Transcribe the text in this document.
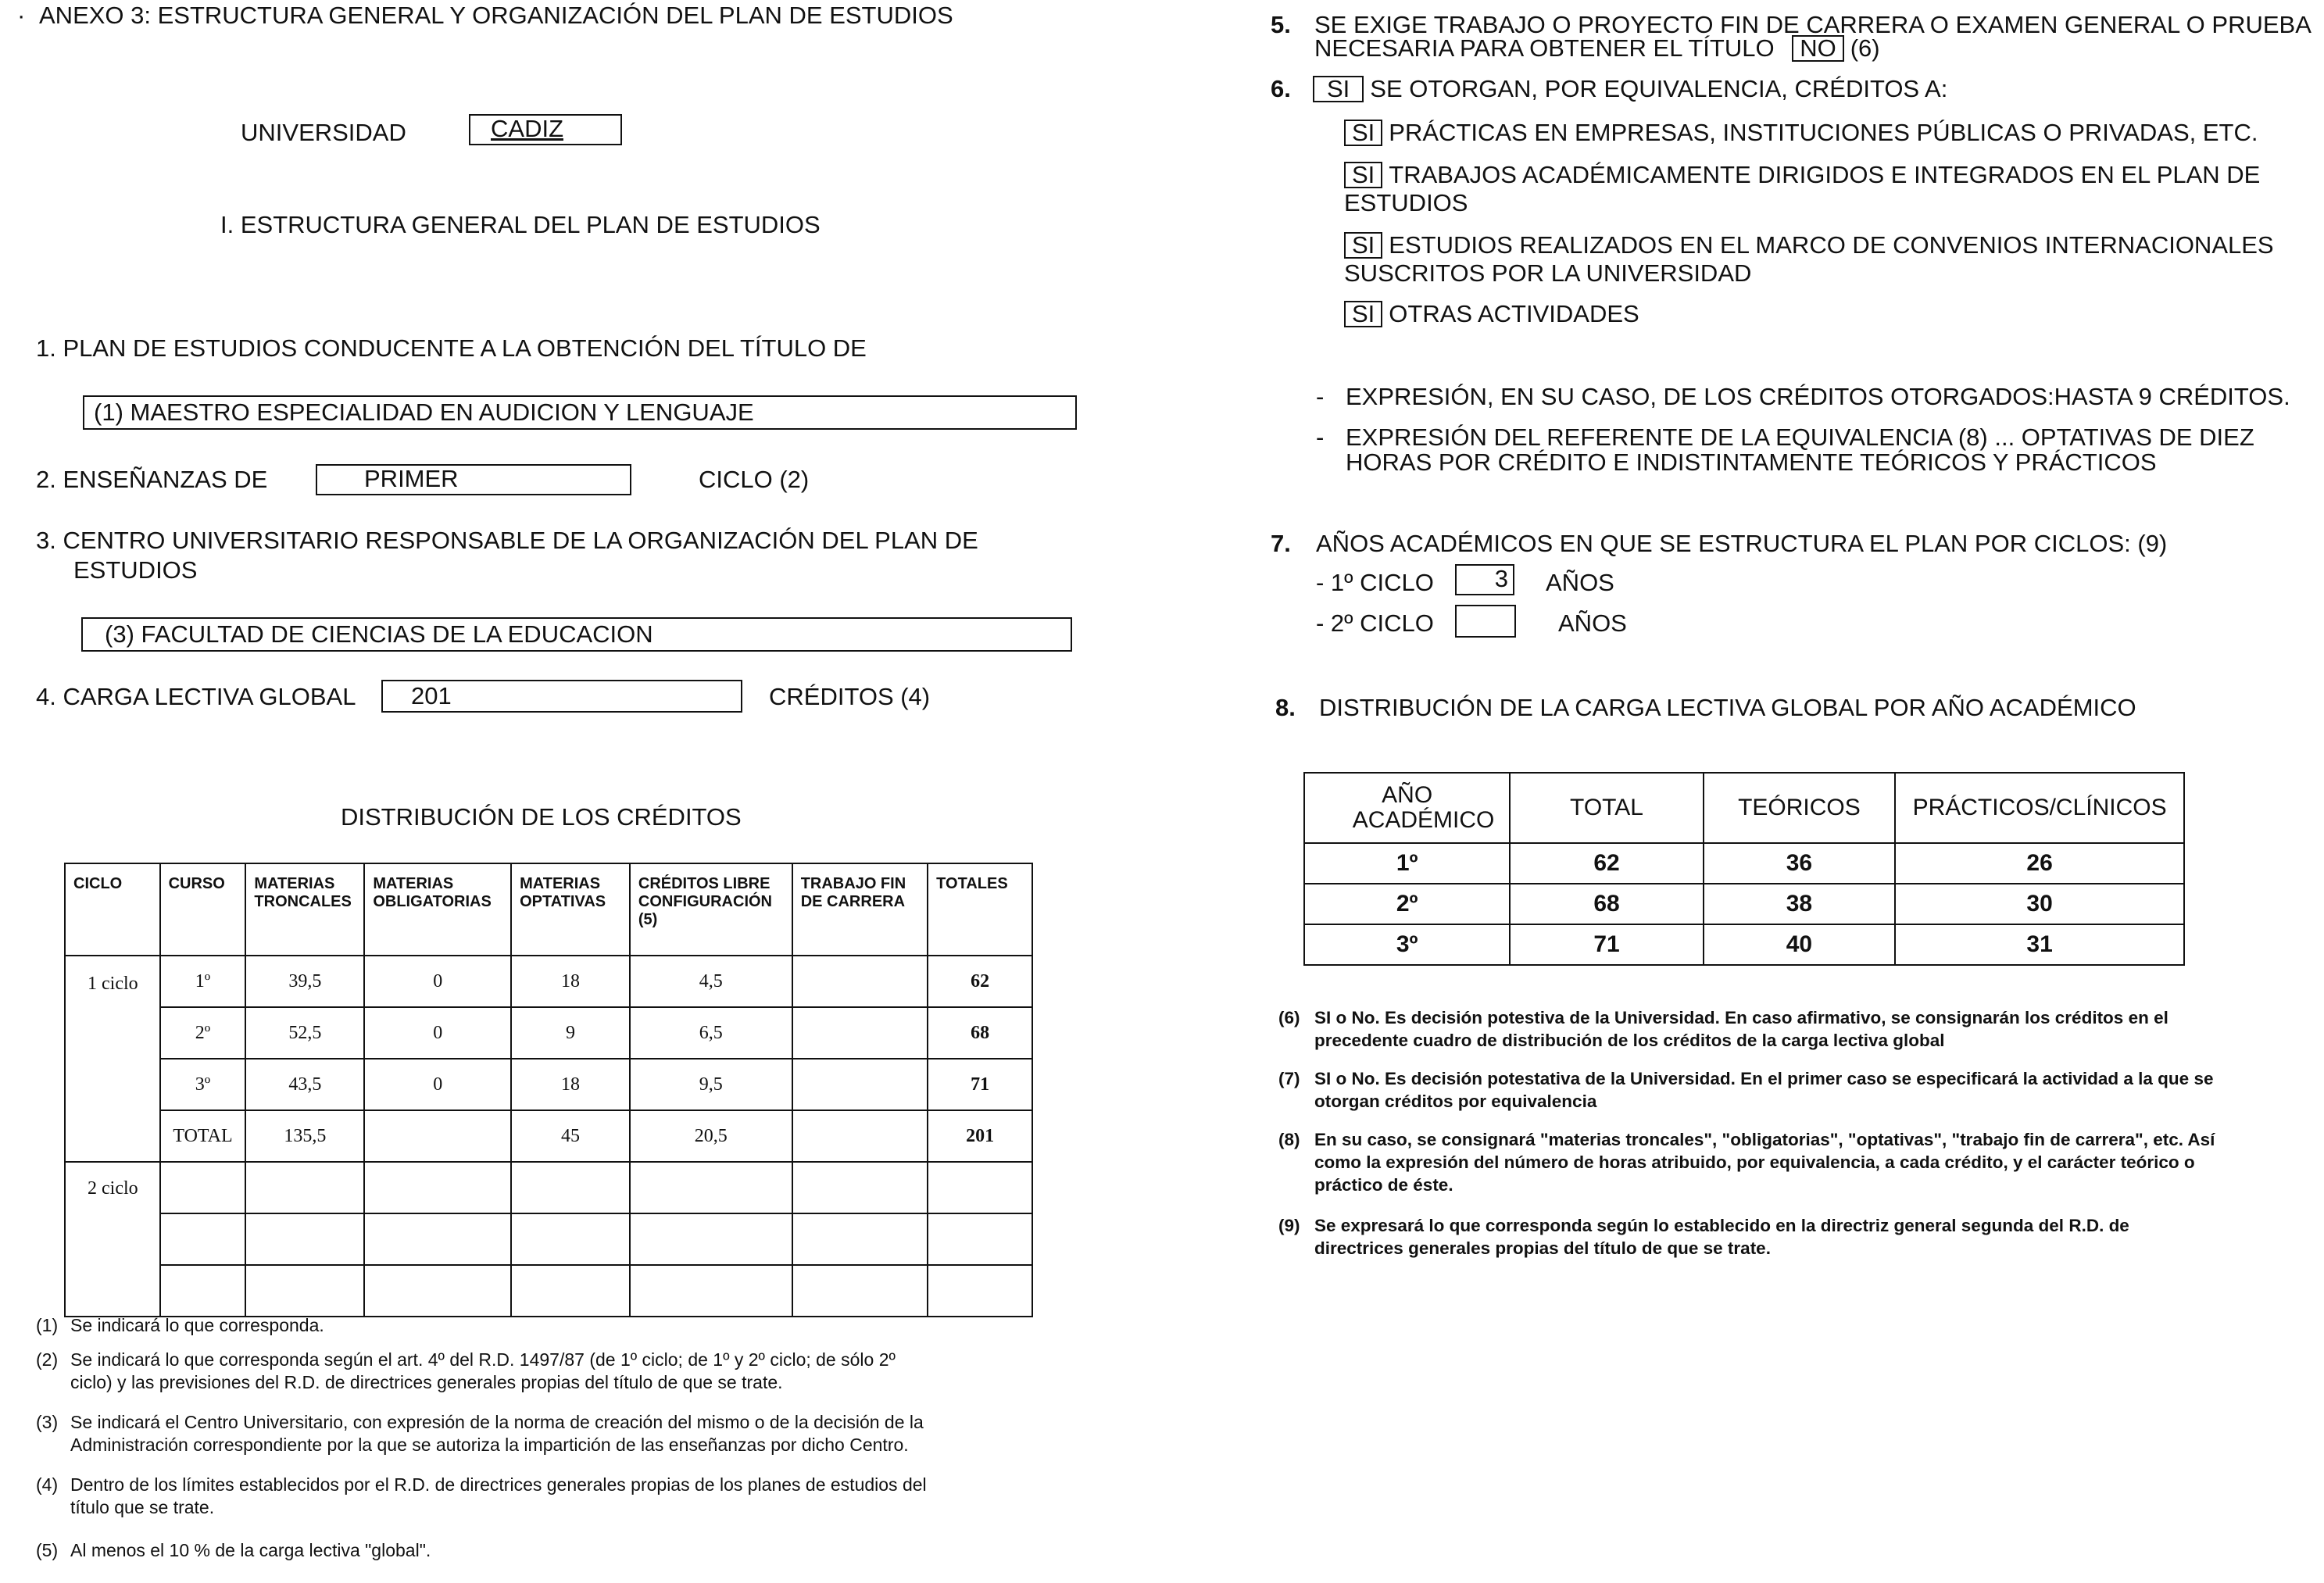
· ANEXO 3: ESTRUCTURA GENERAL Y ORGANIZACIÓN DEL PLAN DE ESTUDIOS
UNIVERSIDAD	CADIZ
I. ESTRUCTURA GENERAL DEL PLAN DE ESTUDIOS
1. PLAN DE ESTUDIOS CONDUCENTE A LA OBTENCIÓN DEL TÍTULO DE
(1) MAESTRO ESPECIALIDAD EN AUDICION Y LENGUAJE
2. ENSEÑANZAS DE	PRIMER	CICLO (2)
3. CENTRO UNIVERSITARIO RESPONSABLE DE LA ORGANIZACIÓN DEL PLAN DE
ESTUDIOS
(3) FACULTAD DE CIENCIAS DE LA EDUCACION
4. CARGA LECTIVA GLOBAL	201	CRÉDITOS (4)
DISTRIBUCIÓN DE LOS CRÉDITOS
CICLO	CURSO	MATERIAS TRONCALES	MATERIAS OBLIGATORIAS	MATERIAS OPTATIVAS	CRÉDITOS LIBRE CONFIGURACIÓN (5)	TRABAJO FIN DE CARRERA	TOTALES
1 ciclo	1º	39,5	0	18	4,5		62
	2º	52,5	0	9	6,5		68
	3º	43,5	0	18	9,5		71
	TOTAL	135,5		45	20,5		201
2 ciclo							

(1) Se indicará lo que corresponda.
(2) Se indicará lo que corresponda según el art. 4º del R.D. 1497/87 (de 1º ciclo; de 1º y 2º ciclo; de sólo 2º
ciclo) y las previsiones del R.D. de directrices generales propias del título de que se trate.
(3) Se indicará el Centro Universitario, con expresión de la norma de creación del mismo o de la decisión de la
Administración correspondiente por la que se autoriza la impartición de las enseñanzas por dicho Centro.
(4) Dentro de los límites establecidos por el R.D. de directrices generales propias de los planes de estudios del
título que se trate.
(5) Al menos el 10 % de la carga lectiva "global".
5. SE EXIGE TRABAJO O PROYECTO FIN DE CARRERA O EXAMEN GENERAL O PRUEBA
NECESARIA PARA OBTENER EL TÍTULO NO (6)
6.	SI SE OTORGAN, POR EQUIVALENCIA, CRÉDITOS A:
SI PRÁCTICAS EN EMPRESAS, INSTITUCIONES PÚBLICAS O PRIVADAS, ETC.
SI TRABAJOS ACADÉMICAMENTE DIRIGIDOS E INTEGRADOS EN EL PLAN DE
ESTUDIOS
SI ESTUDIOS REALIZADOS EN EL MARCO DE CONVENIOS INTERNACIONALES
SUSCRITOS POR LA UNIVERSIDAD
SI OTRAS ACTIVIDADES
- EXPRESIÓN, EN SU CASO, DE LOS CRÉDITOS OTORGADOS:HASTA 9 CRÉDITOS.
- EXPRESIÓN DEL REFERENTE DE LA EQUIVALENCIA (8) ... OPTATIVAS DE DIEZ
HORAS POR CRÉDITO E INDISTINTAMENTE TEÓRICOS Y PRÁCTICOS
7. AÑOS ACADÉMICOS EN QUE SE ESTRUCTURA EL PLAN POR CICLOS: (9)
- 1º CICLO	3 AÑOS
- 2º CICLO	AÑOS
8. DISTRIBUCIÓN DE LA CARGA LECTIVA GLOBAL POR AÑO ACADÉMICO
AÑO ACADÉMICO	TOTAL	TEÓRICOS	PRÁCTICOS/CLÍNICOS
1º	62	36	26
2º	68	38	30
3º	71	40	31
(6) SI o No. Es decisión potestiva de la Universidad. En caso afirmativo, se consignarán los créditos en el
precedente cuadro de distribución de los créditos de la carga lectiva global
(7) SI o No. Es decisión potestativa de la Universidad. En el primer caso se especificará la actividad a la que se
otorgan créditos por equivalencia
(8) En su caso, se consignará "materias troncales", "obligatorias", "optativas", "trabajo fin de carrera", etc. Así
como la expresión del número de horas atribuido, por equivalencia, a cada crédito, y el carácter teórico o
práctico de éste.
(9) Se expresará lo que corresponda según lo establecido en la directriz general segunda del R.D. de
directrices generales propias del título de que se trate.
